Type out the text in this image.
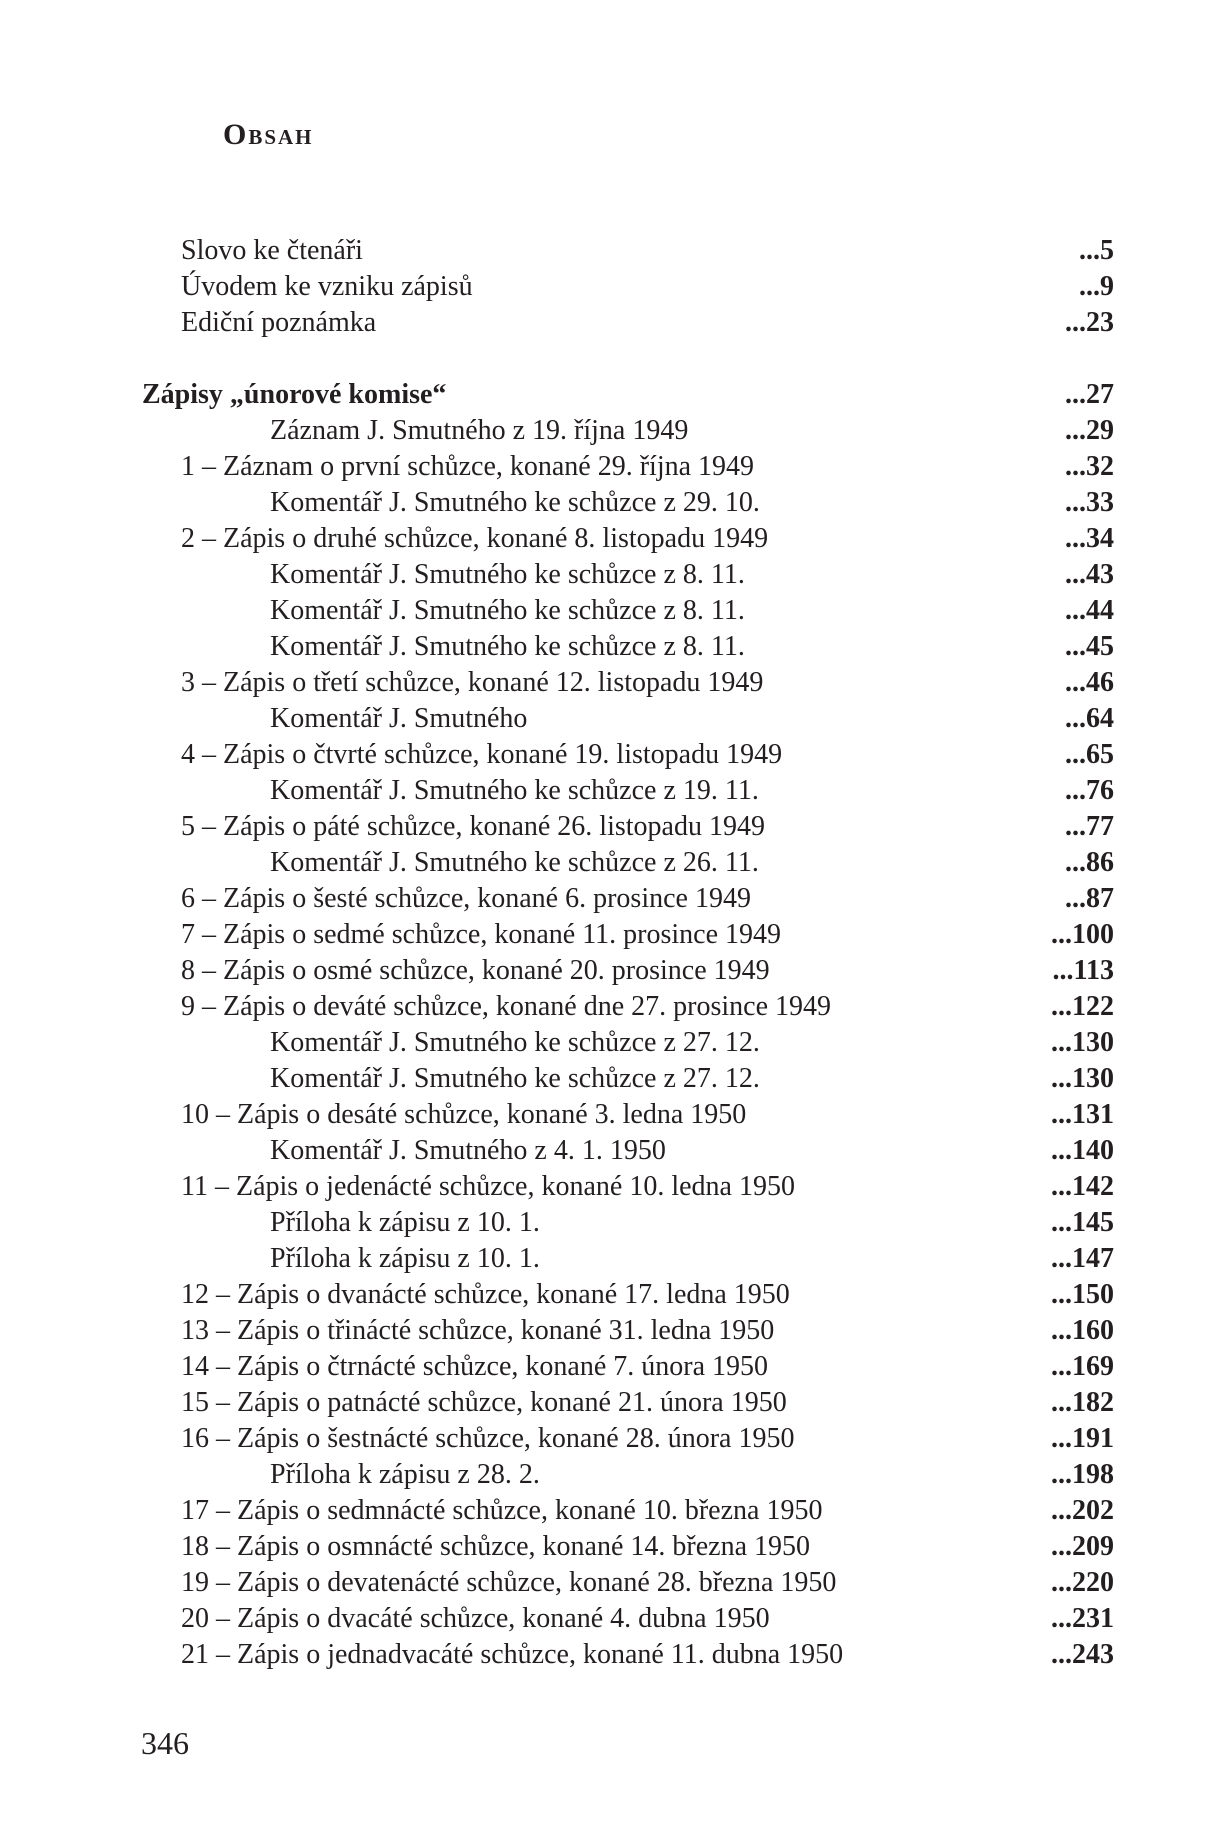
Obsah
Slovo ke čtenáři	...5
Úvodem ke vzniku zápisů	...9
Ediční poznámka	...23
Zápisy „únorové komise“	...27
Záznam J. Smutného z 19. října 1949	...29
1 – Záznam o první schůzce, konané 29. října 1949	...32
Komentář J. Smutného ke schůzce z 29. 10.	...33
2 – Zápis o druhé schůzce, konané 8. listopadu 1949	...34
Komentář J. Smutného ke schůzce z 8. 11.	...43
Komentář J. Smutného ke schůzce z 8. 11.	...44
Komentář J. Smutného ke schůzce z 8. 11.	...45
3 – Zápis o třetí schůzce, konané 12. listopadu 1949	...46
Komentář J. Smutného	...64
4 – Zápis o čtvrté schůzce, konané 19. listopadu 1949	...65
Komentář J. Smutného ke schůzce z 19. 11.	...76
5 – Zápis o páté schůzce, konané 26. listopadu 1949	...77
Komentář J. Smutného ke schůzce z 26. 11.	...86
6 – Zápis o šesté schůzce, konané 6. prosince 1949	...87
7 – Zápis o sedmé schůzce, konané 11. prosince 1949	...100
8 – Zápis o osmé schůzce, konané 20. prosince 1949	...113
9 – Zápis o deváté schůzce, konané dne 27. prosince 1949	...122
Komentář J. Smutného ke schůzce z 27. 12.	...130
Komentář J. Smutného ke schůzce z 27. 12.	...130
10 – Zápis o desáté schůzce, konané 3. ledna 1950	...131
Komentář J. Smutného z 4. 1. 1950	...140
11 – Zápis o jedenácté schůzce, konané 10. ledna 1950	...142
Příloha k zápisu z 10. 1.	...145
Příloha k zápisu z 10. 1.	...147
12 – Zápis o dvanácté schůzce, konané 17. ledna 1950	...150
13 – Zápis o třinácté schůzce, konané 31. ledna 1950	...160
14 – Zápis o čtrnácté schůzce, konané 7. února 1950	...169
15 – Zápis o patnácté schůzce, konané 21. února 1950	...182
16 – Zápis o šestnácté schůzce, konané 28. února 1950	...191
Příloha k zápisu z 28. 2.	...198
17 – Zápis o sedmnácté schůzce, konané 10. března 1950	...202
18 – Zápis o osmnácté schůzce, konané 14. března 1950	...209
19 – Zápis o devatenácté schůzce, konané 28. března 1950	...220
20 – Zápis o dvacáté schůzce, konané 4. dubna 1950	...231
21 – Zápis o jednadvacáté schůzce, konané 11. dubna 1950	...243
346
